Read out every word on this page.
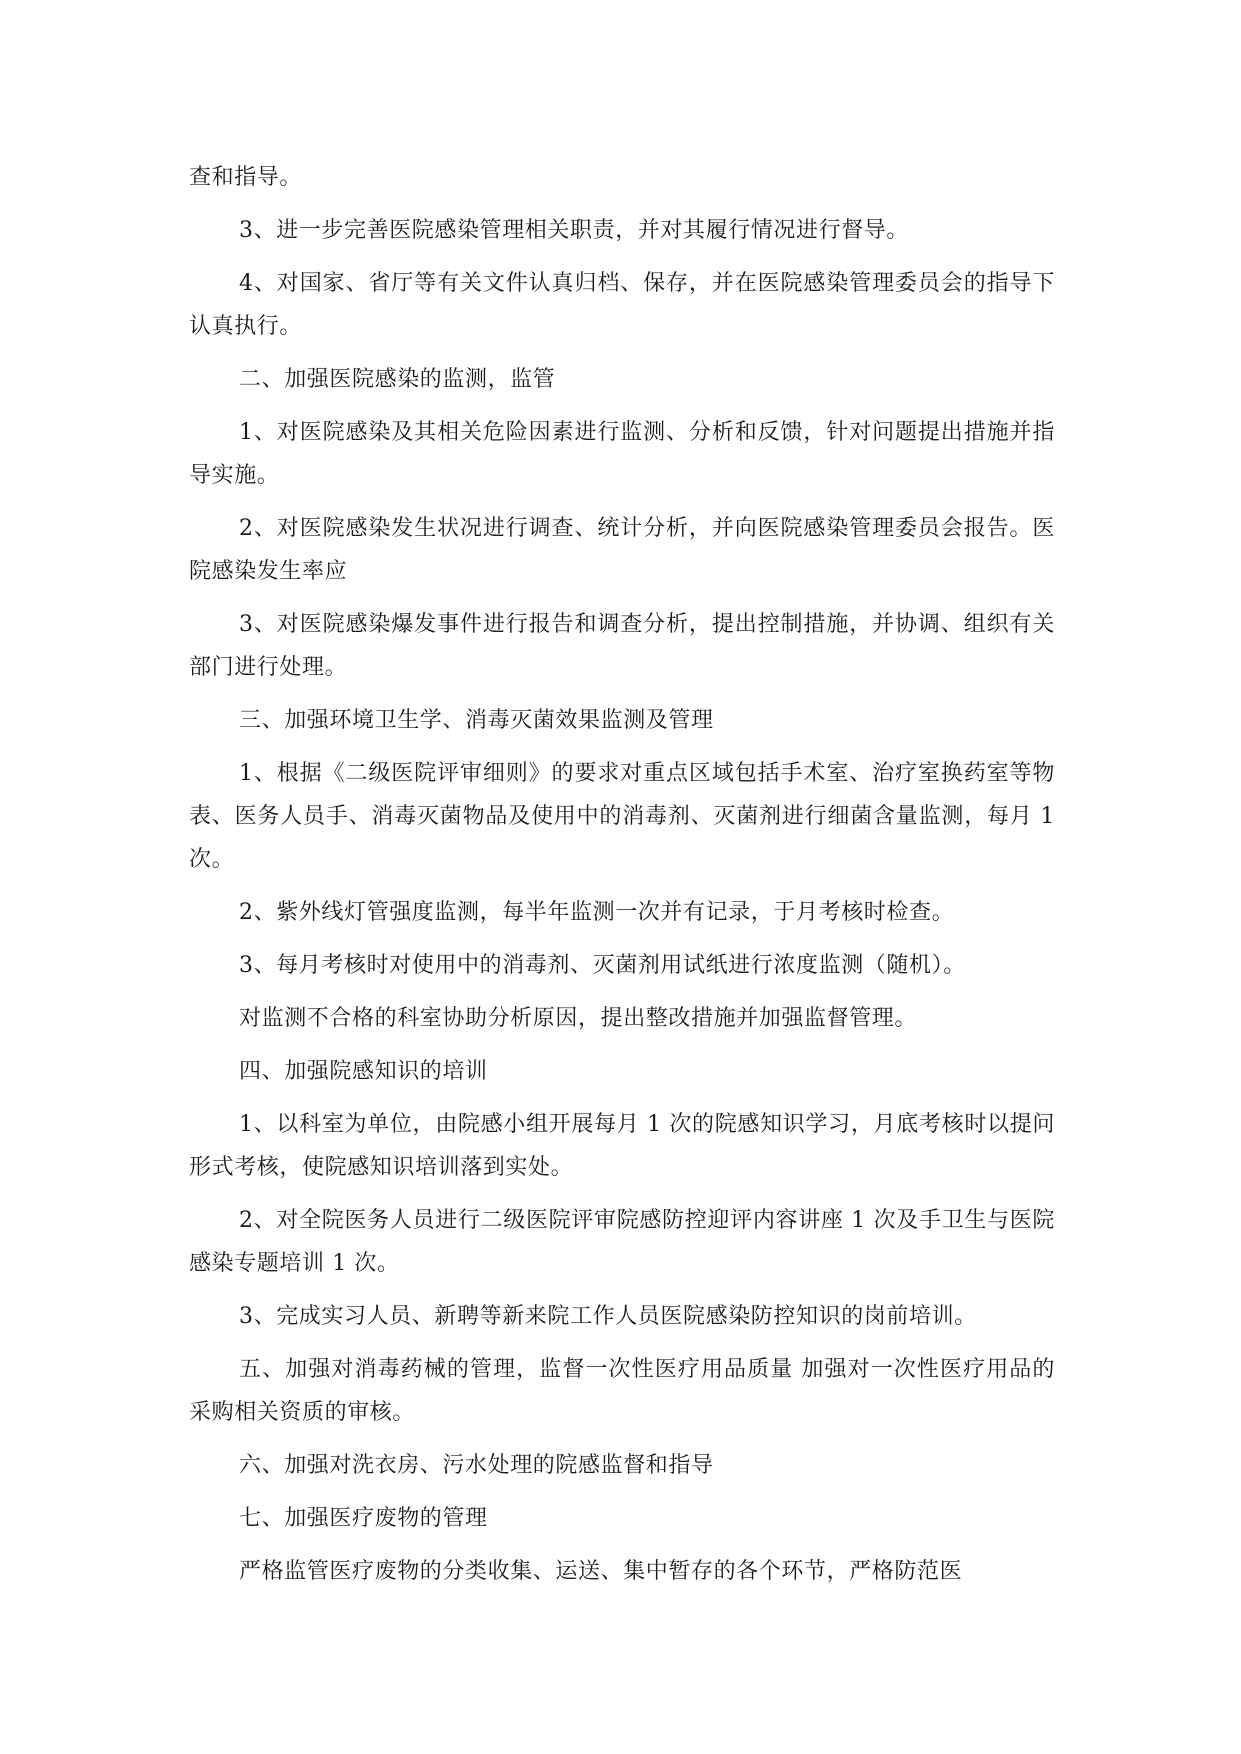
查和指导。

3、进一步完善医院感染管理相关职责，并对其履行情况进行督导。

4、对国家、省厅等有关文件认真归档、保存，并在医院感染管理委员会的指导下认真执行。

二、加强医院感染的监测，监管

1、对医院感染及其相关危险因素进行监测、分析和反馈，针对问题提出措施并指导实施。

2、对医院感染发生状况进行调查、统计分析，并向医院感染管理委员会报告。医院感染发生率应

3、对医院感染爆发事件进行报告和调查分析，提出控制措施，并协调、组织有关部门进行处理。

三、加强环境卫生学、消毒灭菌效果监测及管理

1、根据《二级医院评审细则》的要求对重点区域包括手术室、治疗室换药室等物表、医务人员手、消毒灭菌物品及使用中的消毒剂、灭菌剂进行细菌含量监测，每月 1 次。

2、紫外线灯管强度监测，每半年监测一次并有记录，于月考核时检查。

3、每月考核时对使用中的消毒剂、灭菌剂用试纸进行浓度监测（随机）。

对监测不合格的科室协助分析原因，提出整改措施并加强监督管理。

四、加强院感知识的培训

1、以科室为单位，由院感小组开展每月 1 次的院感知识学习，月底考核时以提问形式考核，使院感知识培训落到实处。

2、对全院医务人员进行二级医院评审院感防控迎评内容讲座 1 次及手卫生与医院感染专题培训 1 次。

3、完成实习人员、新聘等新来院工作人员医院感染防控知识的岗前培训。

五、加强对消毒药械的管理，监督一次性医疗用品质量 加强对一次性医疗用品的采购相关资质的审核。

六、加强对洗衣房、污水处理的院感监督和指导

七、加强医疗废物的管理

严格监管医疗废物的分类收集、运送、集中暂存的各个环节，严格防范医
